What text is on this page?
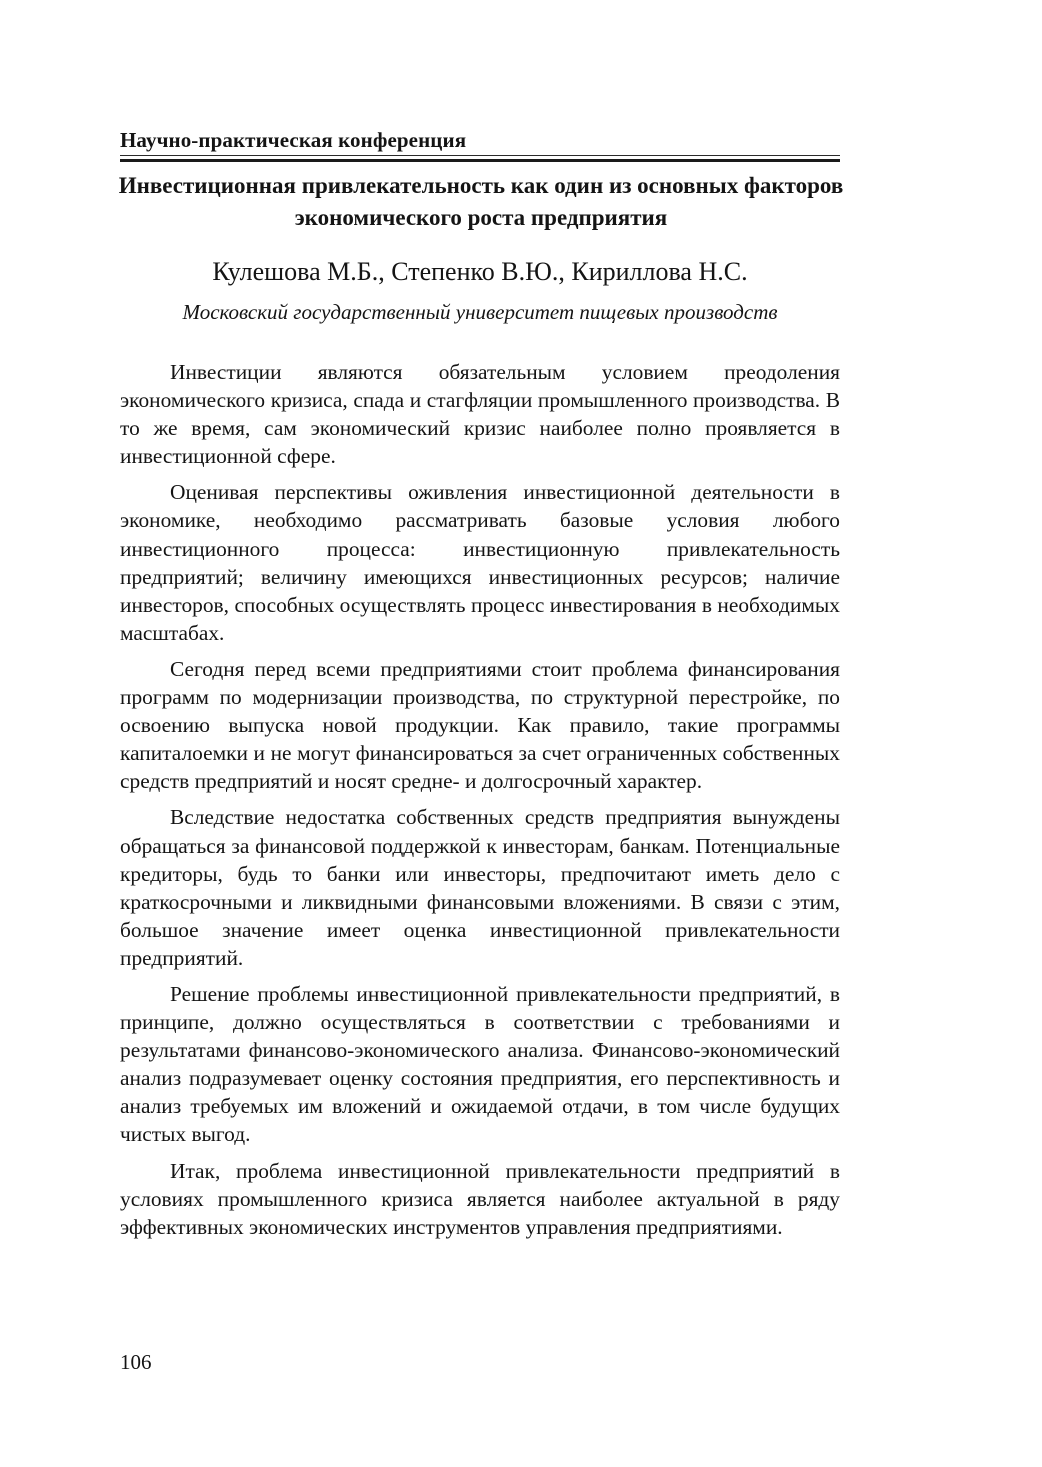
Научно-практическая конференция
Инвестиционная привлекательность как один из основных факторов экономического роста предприятия
Кулешова М.Б., Степенко В.Ю., Кириллова Н.С.
Московский государственный университет пищевых производств

Инвестиции являются обязательным условием преодоления экономического кризиса, спада и стагфляции промышленного производства. В то же время, сам экономический кризис наиболее полно проявляется в инвестиционной сфере.

Оценивая перспективы оживления инвестиционной деятельности в экономике, необходимо рассматривать базовые условия любого инвестиционного процесса: инвестиционную привлекательность предприятий; величину имеющихся инвестиционных ресурсов; наличие инвесторов, способных осуществлять процесс инвестирования в необходимых масштабах.

Сегодня перед всеми предприятиями стоит проблема финансирования программ по модернизации производства, по структурной перестройке, по освоению выпуска новой продукции. Как правило, такие программы капиталоемки и не могут финансироваться за счет ограниченных собственных средств предприятий и носят средне- и долгосрочный характер.

Вследствие недостатка собственных средств предприятия вынуждены обращаться за финансовой поддержкой к инвесторам, банкам. Потенциальные кредиторы, будь то банки или инвесторы, предпочитают иметь дело с краткосрочными и ликвидными финансовыми вложениями. В связи с этим, большое значение имеет оценка инвестиционной привлекательности предприятий.

Решение проблемы инвестиционной привлекательности предприятий, в принципе, должно осуществляться в соответствии с требованиями и результатами финансово-экономического анализа. Финансово-экономический анализ подразумевает оценку состояния предприятия, его перспективность и анализ требуемых им вложений и ожидаемой отдачи, в том числе будущих чистых выгод.

Итак, проблема инвестиционной привлекательности предприятий в условиях промышленного кризиса является наиболее актуальной в ряду эффективных экономических инструментов управления предприятиями.

106
